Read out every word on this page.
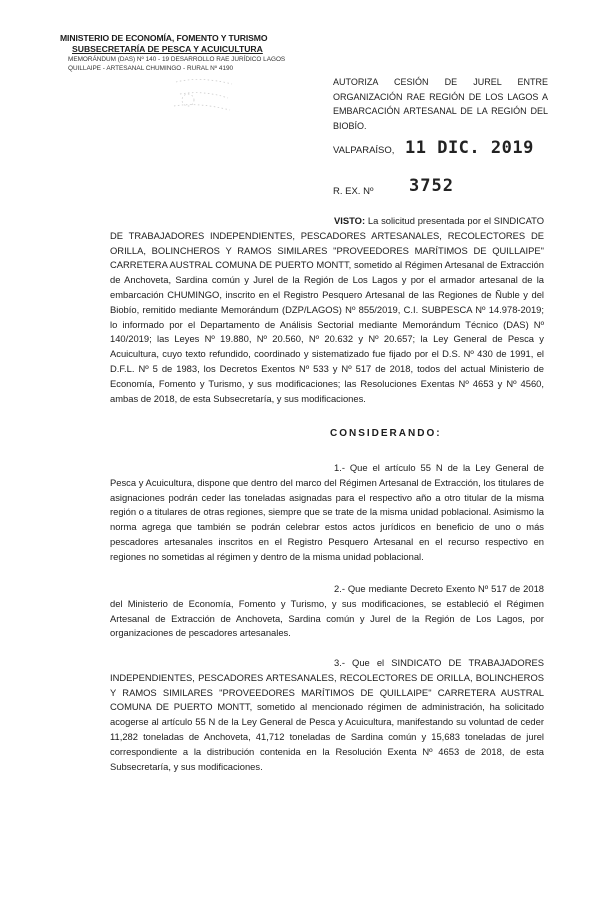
MINISTERIO DE ECONOMÍA, FOMENTO Y TURISMO
SUBSECRETARÍA DE PESCA Y ACUICULTURA
MEMORÁNDUM (DAS) Nº 140 - 19 DESARROLLO RAE JURÍDICO LAGOS
QUILLAIPE - ARTESANAL CHUMINGO - RURAL Nº 4190
AUTORIZA CESIÓN DE JUREL ENTRE ORGANIZACIÓN RAE REGIÓN DE LOS LAGOS A EMBARCACIÓN ARTESANAL DE LA REGIÓN DEL BIOBÍO.
VALPARAÍSO, 11 DIC. 2019
R. EX. Nº 3752
VISTO: La solicitud presentada por el SINDICATO DE TRABAJADORES INDEPENDIENTES, PESCADORES ARTESANALES, RECOLECTORES DE ORILLA, BOLINCHEROS Y RAMOS SIMILARES "PROVEEDORES MARÍTIMOS DE QUILLAIPE" CARRETERA AUSTRAL COMUNA DE PUERTO MONTT, sometido al Régimen Artesanal de Extracción de Anchoveta, Sardina común y Jurel de la Región de Los Lagos y por el armador artesanal de la embarcación CHUMINGO, inscrito en el Registro Pesquero Artesanal de las Regiones de Ñuble y del Biobío, remitido mediante Memorándum (DZP/LAGOS) Nº 855/2019, C.I. SUBPESCA Nº 14.978-2019; lo informado por el Departamento de Análisis Sectorial mediante Memorándum Técnico (DAS) Nº 140/2019; las Leyes Nº 19.880, Nº 20.560, Nº 20.632 y Nº 20.657; la Ley General de Pesca y Acuicultura, cuyo texto refundido, coordinado y sistematizado fue fijado por el D.S. Nº 430 de 1991, el D.F.L. Nº 5 de 1983, los Decretos Exentos Nº 533 y Nº 517 de 2018, todos del actual Ministerio de Economía, Fomento y Turismo, y sus modificaciones; las Resoluciones Exentas Nº 4653 y Nº 4560, ambas de 2018, de esta Subsecretaría, y sus modificaciones.
CONSIDERANDO:
1.- Que el artículo 55 N de la Ley General de Pesca y Acuicultura, dispone que dentro del marco del Régimen Artesanal de Extracción, los titulares de asignaciones podrán ceder las toneladas asignadas para el respectivo año a otro titular de la misma región o a titulares de otras regiones, siempre que se trate de la misma unidad poblacional. Asimismo la norma agrega que también se podrán celebrar estos actos jurídicos en beneficio de uno o más pescadores artesanales inscritos en el Registro Pesquero Artesanal en el recurso respectivo en regiones no sometidas al régimen y dentro de la misma unidad poblacional.
2.- Que mediante Decreto Exento Nº 517 de 2018 del Ministerio de Economía, Fomento y Turismo, y sus modificaciones, se estableció el Régimen Artesanal de Extracción de Anchoveta, Sardina común y Jurel de la Región de Los Lagos, por organizaciones de pescadores artesanales.
3.- Que el SINDICATO DE TRABAJADORES INDEPENDIENTES, PESCADORES ARTESANALES, RECOLECTORES DE ORILLA, BOLINCHEROS Y RAMOS SIMILARES "PROVEEDORES MARÍTIMOS DE QUILLAIPE" CARRETERA AUSTRAL COMUNA DE PUERTO MONTT, sometido al mencionado régimen de administración, ha solicitado acogerse al artículo 55 N de la Ley General de Pesca y Acuicultura, manifestando su voluntad de ceder 11,282 toneladas de Anchoveta, 41,712 toneladas de Sardina común y 15,683 toneladas de jurel correspondiente a la distribución contenida en la Resolución Exenta Nº 4653 de 2018, de esta Subsecretaría, y sus modificaciones.
